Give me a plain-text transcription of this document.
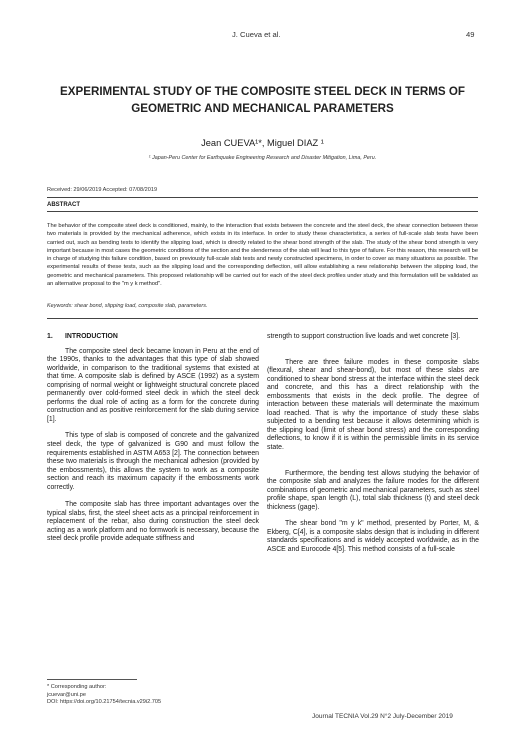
J. Cueva et al.	49
EXPERIMENTAL STUDY OF THE COMPOSITE STEEL DECK IN TERMS OF
GEOMETRIC AND MECHANICAL PARAMETERS
Jean CUEVA¹*, Miguel DIAZ ¹
¹ Japan-Peru Center for Earthquake Engineering Research and Disaster Mitigation, Lima, Peru.
Received: 29/06/2019 Accepted: 07/08/2019
ABSTRACT
The behavior of the composite steel deck is conditioned, mainly, to the interaction that exists between the concrete and the steel deck, the shear connection between these two materials is provided by the mechanical adherence, which exists in its interface. In order to study these characteristics, a series of full-scale slab tests have been carried out, such as bending tests to identify the slipping load, which is directly related to the shear bond strength of the slab. The study of the shear bond strength is very important because in most cases the geometric conditions of the section and the slenderness of the slab will lead to this type of failure. For this reason, this research will be in charge of studying this failure condition, based on previously full-scale slab tests and newly constructed specimens, in order to cover as many situations as possible. The experimental results of these tests, such as the slipping load and the corresponding deflection, will allow establishing a new relationship between the slipping load, the geometric and mechanical parameters. This proposed relationship will be carried out for each of the steel deck profiles under study and this formulation will be validated as an alternative proposal to the "m y k method".
Keywords: shear bond, slipping load, composite slab, parameters.
1. INTRODUCTION

The composite steel deck became known in Peru at the end of the 1990s, thanks to the advantages that this type of slab showed worldwide, in comparison to the traditional systems that existed at that time. A composite slab is defined by ASCE (1992) as a system comprising of normal weight or lightweight structural concrete placed permanently over cold-formed steel deck in which the steel deck performs the dual role of acting as a form for the concrete during construction and as positive reinforcement for the slab during service [1].

This type of slab is composed of concrete and the galvanized steel deck, the type of galvanized is G90 and must follow the requirements established in ASTM A653 [2]. The connection between these two materials is through the mechanical adhesion (provided by the embossments), this allows the system to work as a composite section and reach its maximum capacity if the embossments work correctly.

The composite slab has three important advantages over the typical slabs, first, the steel sheet acts as a principal reinforcement in replacement of the rebar, also during construction the steel deck acting as a work platform and no formwork is necessary, because the steel deck profile provide adequate stiffness and

strength to support construction live loads and wet concrete [3].

There are three failure modes in these composite slabs (flexural, shear and shear-bond), but most of these slabs are conditioned to shear bond stress at the interface within the steel deck and concrete, and this has a direct relationship with the embossments that exists in the deck profile. The degree of interaction between these materials will determinate the maximum load reached. That is why the importance of study these slabs subjected to a bending test because it allows determining which is the slipping load (limit of shear bond stress) and the corresponding deflections, to know if it is within the permissible limits in its service state.

Furthermore, the bending test allows studying the behavior of the composite slab and analyzes the failure modes for the different combinations of geometric and mechanical parameters, such as steel profile shape, span length (L), total slab thickness (t) and steel deck thickness (gage).

The shear bond "m y k" method, presented by Porter, M, & Ekberg, C[4], is a composite slabs design that is including in different standards specifications and is widely accepted worldwide, as in the ASCE and Eurocode 4[5]. This method consists of a full-scale

* Corresponding author:
jcuevar@uni.pe
DOI: https://doi.org/10.21754/tecnia.v29i2.705
Journal TECNIA Vol.29 N°2 July-December 2019
